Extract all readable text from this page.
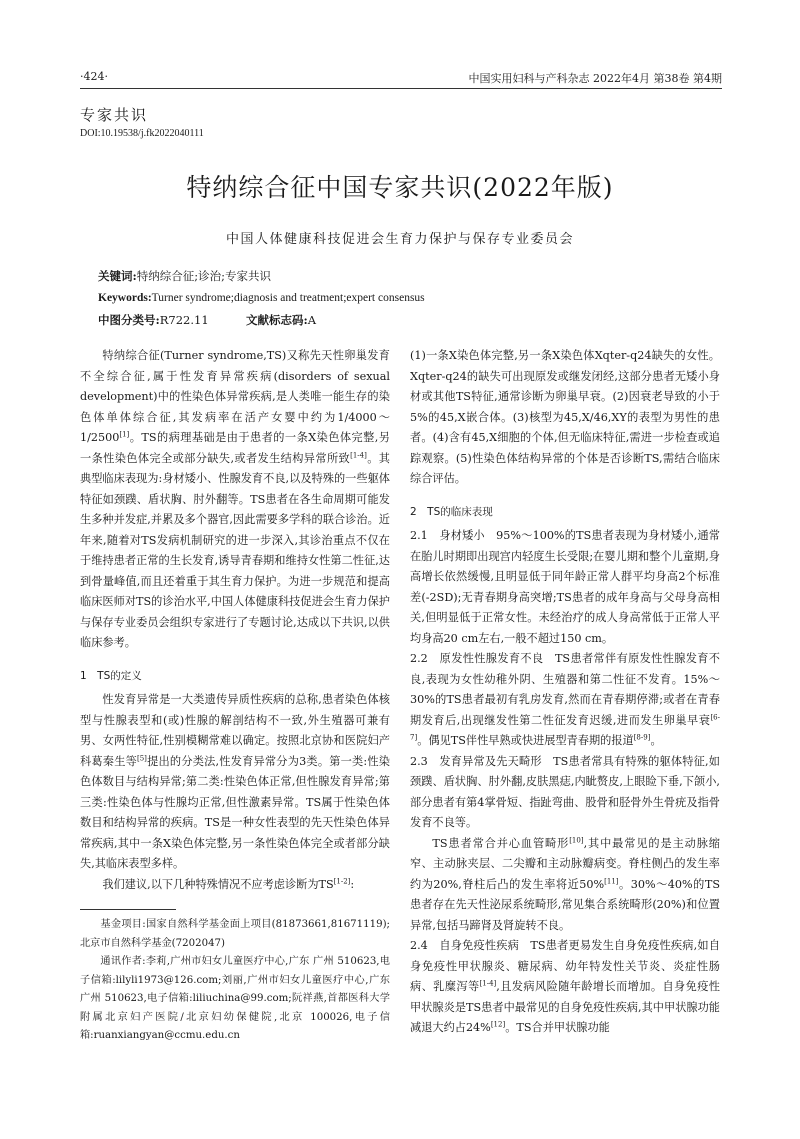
·424·	中国实用妇科与产科杂志 2022年4月 第38卷 第4期
专家共识
DOI:10.19538/j.fk2022040111
特纳综合征中国专家共识(2022年版)
中国人体健康科技促进会生育力保护与保存专业委员会
关键词:特纳综合征;诊治;专家共识
Keywords:Turner syndrome;diagnosis and treatment;expert consensus
中图分类号:R722.11	文献标志码:A

特纳综合征(Turner syndrome,TS)又称先天性卵巢发育不全综合征,属于性发育异常疾病(disorders of sexual development)中的性染色体异常疾病,是人类唯一能生存的染色体单体综合征,其发病率在活产女婴中约为1/4000～1/2500[1]。TS的病理基础是由于患者的一条X染色体完整,另一条性染色体完全或部分缺失,或者发生结构异常所致[1-4]。其典型临床表现为:身材矮小、性腺发育不良,以及特殊的一些躯体特征如颈蹼、盾状胸、肘外翻等。TS患者在各生命周期可能发生多种并发症,并累及多个器官,因此需要多学科的联合诊治。近年来,随着对TS发病机制研究的进一步深入,其诊治重点不仅在于维持患者正常的生长发育,诱导青春期和维持女性第二性征,达到骨量峰值,而且还着重于其生育力保护。为进一步规范和提高临床医师对TS的诊治水平,中国人体健康科技促进会生育力保护与保存专业委员会组织专家进行了专题讨论,达成以下共识,以供临床参考。

1　TS的定义

性发育异常是一大类遗传异质性疾病的总称,患者染色体核型与性腺表型和(或)性腺的解剖结构不一致,外生殖器可兼有男、女两性特征,性别模糊常难以确定。按照北京协和医院妇产科葛秦生等[5]提出的分类法,性发育异常分为3类。第一类:性染色体数目与结构异常;第二类:性染色体正常,但性腺发育异常;第三类:性染色体与性腺均正常,但性激素异常。TS属于性染色体数目和结构异常的疾病。TS是一种女性表型的先天性染色体异常疾病,其中一条X染色体完整,另一条性染色体完全或者部分缺失,其临床表型多样。

我们建议,以下几种特殊情况不应考虑诊断为TS[1-2]:

基金项目:国家自然科学基金面上项目(81873661,81671119);北京市自然科学基金(7202047)

通讯作者:李莉,广州市妇女儿童医疗中心,广东 广州 510623,电子信箱:lilyli1973@126.com;刘丽,广州市妇女儿童医疗中心,广东 广州 510623,电子信箱:liliuchina@99.com;阮祥燕,首都医科大学附属北京妇产医院/北京妇幼保健院,北京 100026,电子信箱:ruanxiangyan@ccmu.edu.cn

(1)一条X染色体完整,另一条X染色体Xqter-q24缺失的女性。Xqter-q24的缺失可出现原发或继发闭经,这部分患者无矮小身材或其他TS特征,通常诊断为卵巢早衰。(2)因衰老导致的小于5%的45,X嵌合体。(3)核型为45,X/46,XY的表型为男性的患者。(4)含有45,X细胞的个体,但无临床特征,需进一步检查或追踪观察。(5)性染色体结构异常的个体是否诊断TS,需结合临床综合评估。

2　TS的临床表现

2.1　身材矮小　95%～100%的TS患者表现为身材矮小,通常在胎儿时期即出现宫内轻度生长受限;在婴儿期和整个儿童期,身高增长依然缓慢,且明显低于同年龄正常人群平均身高2个标准差(-2SD);无青春期身高突增;TS患者的成年身高与父母身高相关,但明显低于正常女性。未经治疗的成人身高常低于正常人平均身高20 cm左右,一般不超过150 cm。

2.2　原发性性腺发育不良　TS患者常伴有原发性性腺发育不良,表现为女性幼稚外阴、生殖器和第二性征不发育。15%～30%的TS患者最初有乳房发育,然而在青春期停滞;或者在青春期发育后,出现继发性第二性征发育迟缓,进而发生卵巢早衰[6-7]。偶见TS伴性早熟或快进展型青春期的报道[8-9]。

2.3　发育异常及先天畸形　TS患者常具有特殊的躯体特征,如颈蹼、盾状胸、肘外翻,皮肤黑痣,内眦赘皮,上眼睑下垂,下颌小,部分患者有第4掌骨短、指趾弯曲、股骨和胫骨外生骨疣及指骨发育不良等。

TS患者常合并心血管畸形[10],其中最常见的是主动脉缩窄、主动脉夹层、二尖瓣和主动脉瓣病变。脊柱侧凸的发生率约为20%,脊柱后凸的发生率将近50%[11]。30%～40%的TS患者存在先天性泌尿系统畸形,常见集合系统畸形(20%)和位置异常,包括马蹄肾及肾旋转不良。

2.4　自身免疫性疾病　TS患者更易发生自身免疫性疾病,如自身免疫性甲状腺炎、糖尿病、幼年特发性关节炎、炎症性肠病、乳糜泻等[1-4],且发病风险随年龄增长而增加。自身免疫性甲状腺炎是TS患者中最常见的自身免疫性疾病,其中甲状腺功能减退大约占24%[12]。TS合并甲状腺功能
